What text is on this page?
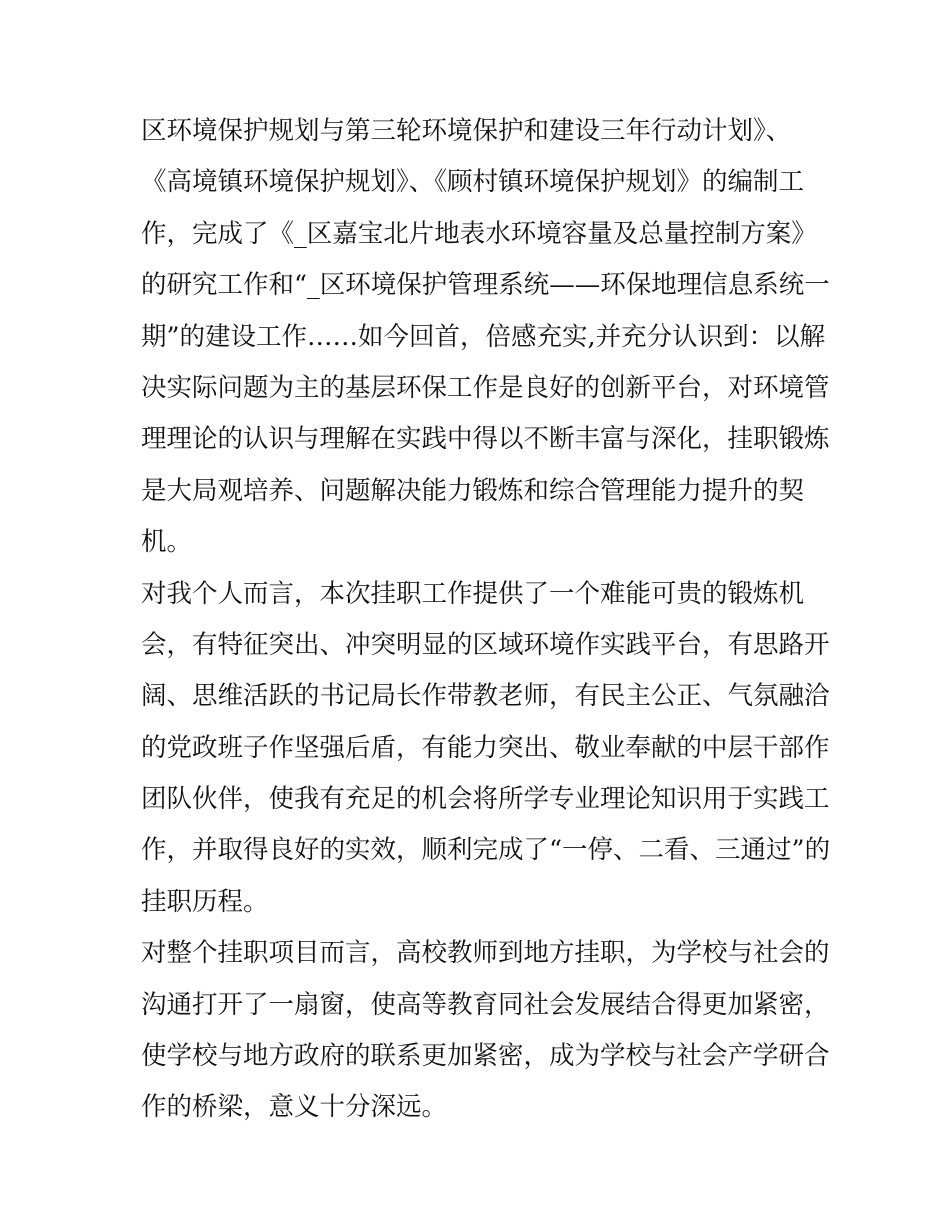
区环境保护规划与第三轮环境保护和建设三年行动计划》、
《高境镇环境保护规划》、《顾村镇环境保护规划》的编制工
作，完成了《_区嘉宝北片地表水环境容量及总量控制方案》
的研究工作和“_区环境保护管理系统——环保地理信息系统一
期”的建设工作……如今回首，倍感充实,并充分认识到：以解
决实际问题为主的基层环保工作是良好的创新平台，对环境管
理理论的认识与理解在实践中得以不断丰富与深化，挂职锻炼
是大局观培养、问题解决能力锻炼和综合管理能力提升的契
机。
对我个人而言，本次挂职工作提供了一个难能可贵的锻炼机
会，有特征突出、冲突明显的区域环境作实践平台，有思路开
阔、思维活跃的书记局长作带教老师，有民主公正、气氛融洽
的党政班子作坚强后盾，有能力突出、敬业奉献的中层干部作
团队伙伴，使我有充足的机会将所学专业理论知识用于实践工
作，并取得良好的实效，顺利完成了“一停、二看、三通过”的
挂职历程。
对整个挂职项目而言，高校教师到地方挂职，为学校与社会的
沟通打开了一扇窗，使高等教育同社会发展结合得更加紧密，
使学校与地方政府的联系更加紧密，成为学校与社会产学研合
作的桥梁，意义十分深远。
